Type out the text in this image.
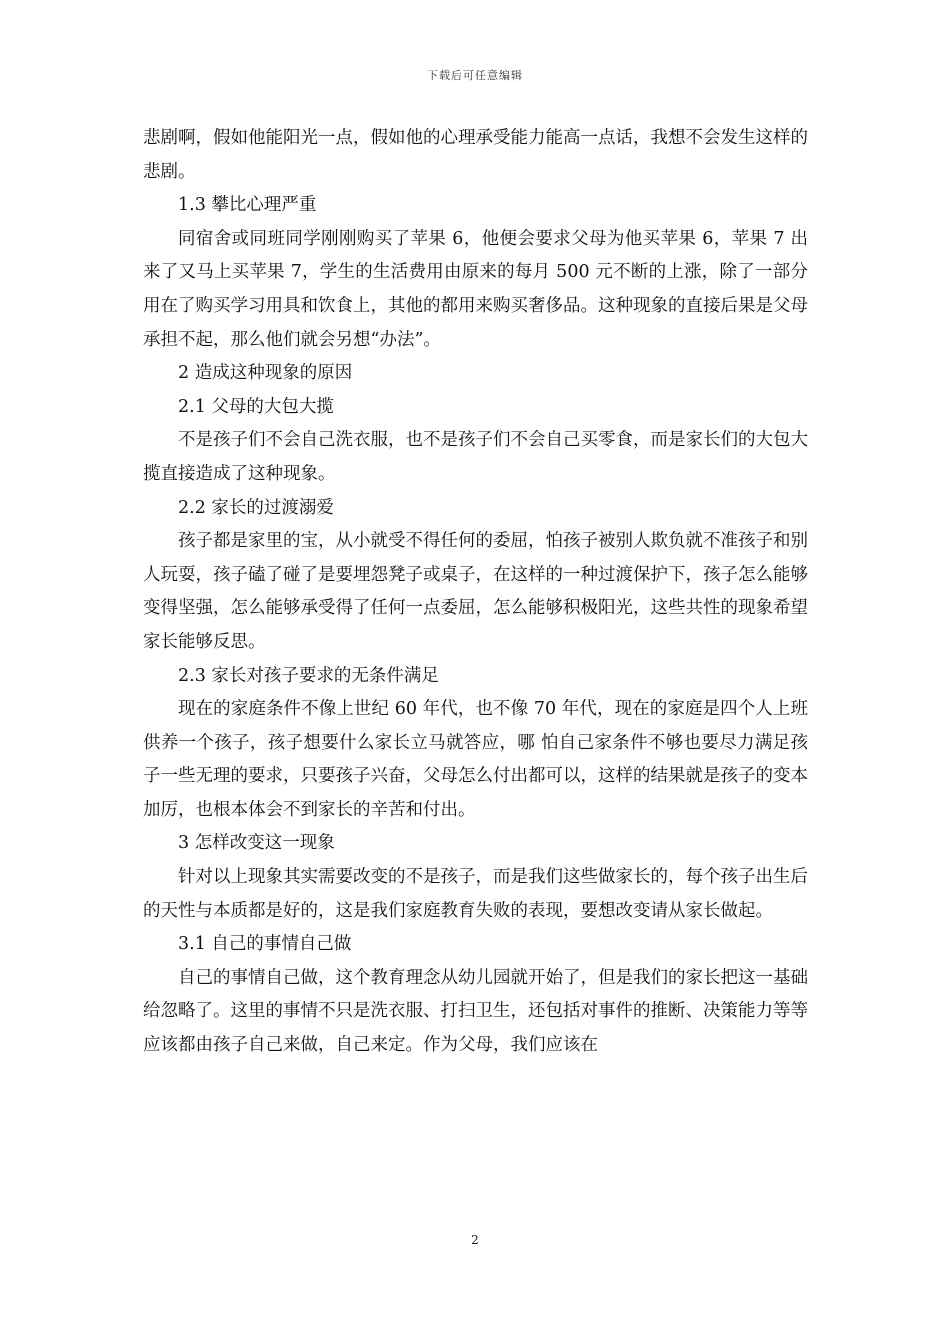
下载后可任意编辑

悲剧啊，假如他能阳光一点，假如他的心理承受能力能高一点话，我想不会发生这样的悲剧。

1.3 攀比心理严重

同宿舍或同班同学刚刚购买了苹果 6，他便会要求父母为他买苹果 6，苹果 7 出来了又马上买苹果 7，学生的生活费用由原来的每月 500 元不断的上涨，除了一部分用在了购买学习用具和饮食上，其他的都用来购买奢侈品。这种现象的直接后果是父母承担不起，那么他们就会另想“办法”。

2 造成这种现象的原因

2.1 父母的大包大揽

不是孩子们不会自己洗衣服，也不是孩子们不会自己买零食，而是家长们的大包大揽直接造成了这种现象。

2.2 家长的过渡溺爱

孩子都是家里的宝，从小就受不得任何的委屈，怕孩子被别人欺负就不准孩子和别人玩耍，孩子磕了碰了是要埋怨凳子或桌子，在这样的一种过渡保护下，孩子怎么能够变得坚强，怎么能够承受得了任何一点委屈，怎么能够积极阳光，这些共性的现象希望家长能够反思。

2.3 家长对孩子要求的无条件满足

现在的家庭条件不像上世纪 60 年代，也不像 70 年代，现在的家庭是四个人上班供养一个孩子，孩子想要什么家长立马就答应，哪 怕自己家条件不够也要尽力满足孩子一些无理的要求，只要孩子兴奋，父母怎么付出都可以，这样的结果就是孩子的变本加厉，也根本体会不到家长的辛苦和付出。

3 怎样改变这一现象

针对以上现象其实需要改变的不是孩子，而是我们这些做家长的，每个孩子出生后的天性与本质都是好的，这是我们家庭教育失败的表现，要想改变请从家长做起。

3.1 自己的事情自己做

自己的事情自己做，这个教育理念从幼儿园就开始了，但是我们的家长把这一基础给忽略了。这里的事情不只是洗衣服、打扫卫生，还包括对事件的推断、决策能力等等应该都由孩子自己来做，自己来定。作为父母，我们应该在

2
